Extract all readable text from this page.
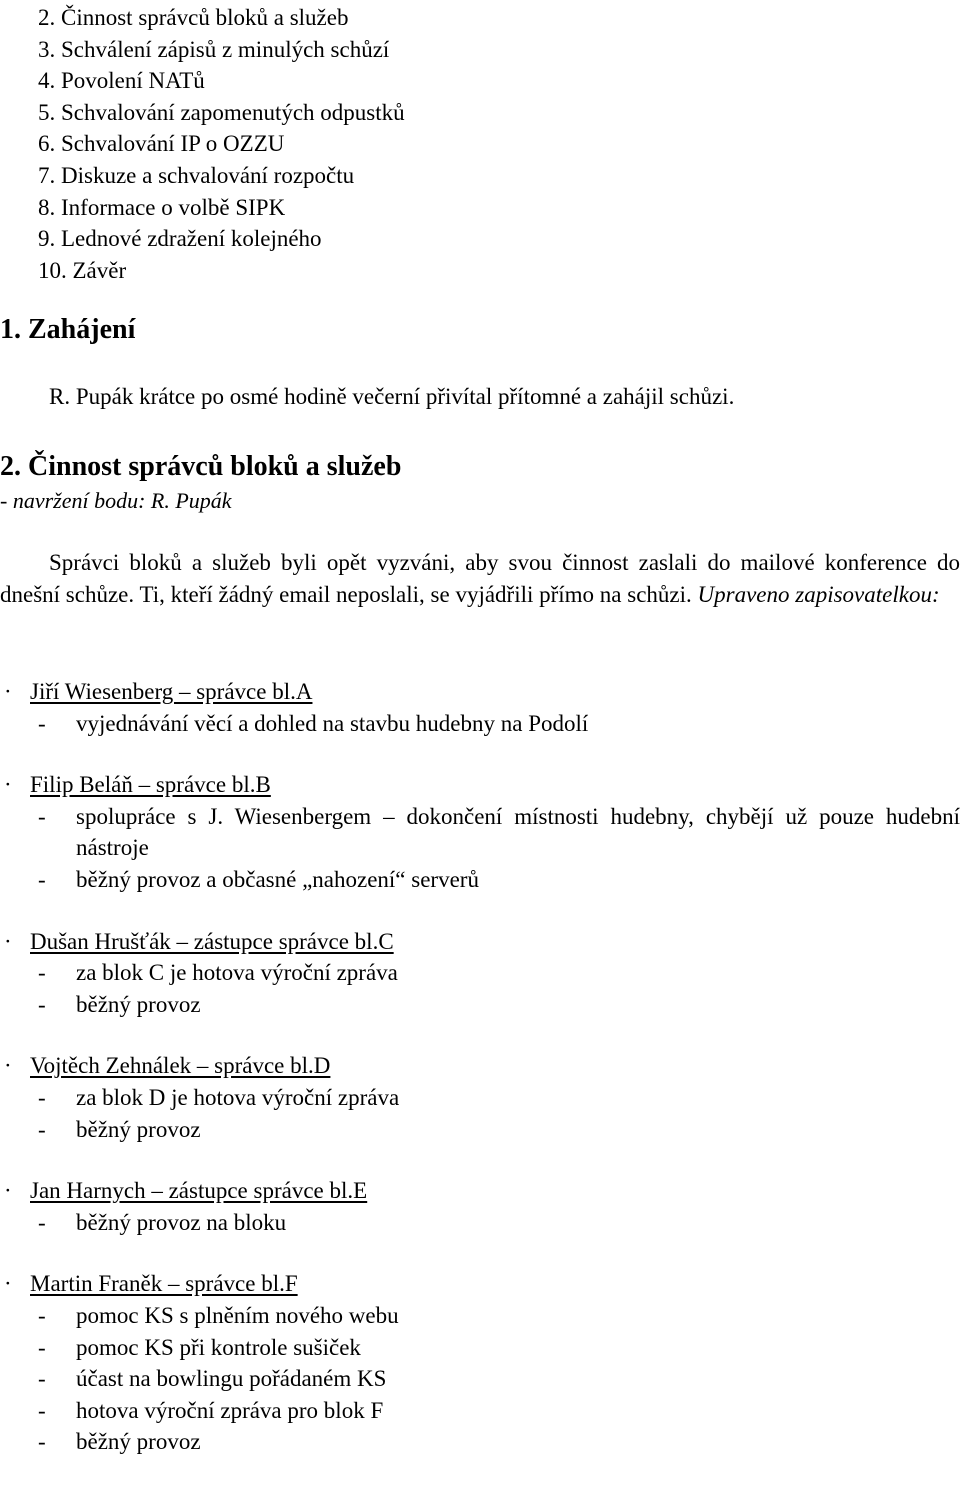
2. Činnost správců bloků a služeb
3. Schválení zápisů z minulých schůzí
4. Povolení NATů
5. Schvalování zapomenutých odpustků
6. Schvalování IP o OZZU
7. Diskuze a schvalování rozpočtu
8. Informace o volbě SIPK
9. Lednové zdražení kolejného
10. Závěr
1. Zahájení
R. Pupák krátce po osmé hodině večerní přivítal přítomné a zahájil schůzi.
2. Činnost správců bloků a služeb
- navržení bodu: R. Pupák
Správci bloků a služeb byli opět vyzváni, aby svou činnost zaslali do mailové konference do dnešní schůze. Ti, kteří žádný email neposlali, se vyjádřili přímo na schůzi. Upraveno zapisovatelkou:
· Jiří Wiesenberg – správce bl.A
- vyjednávání věcí a dohled na stavbu hudebny na Podolí
· Filip Beláň – správce bl.B
- spolupráce s J. Wiesenbergem – dokončení místnosti hudebny, chybějí už pouze hudební nástroje
- běžný provoz a občasné „nahození“ serverů
· Dušan Hrušťák – zástupce správce bl.C
- za blok C je hotova výroční zpráva
- běžný provoz
· Vojtěch Zehnálek – správce bl.D
- za blok D je hotova výroční zpráva
- běžný provoz
· Jan Harnych – zástupce správce bl.E
- běžný provoz na bloku
· Martin Franěk – správce bl.F
- pomoc KS s plněním nového webu
- pomoc KS při kontrole sušiček
- účast na bowlingu pořádaném KS
- hotova výroční zpráva pro blok F
- běžný provoz
